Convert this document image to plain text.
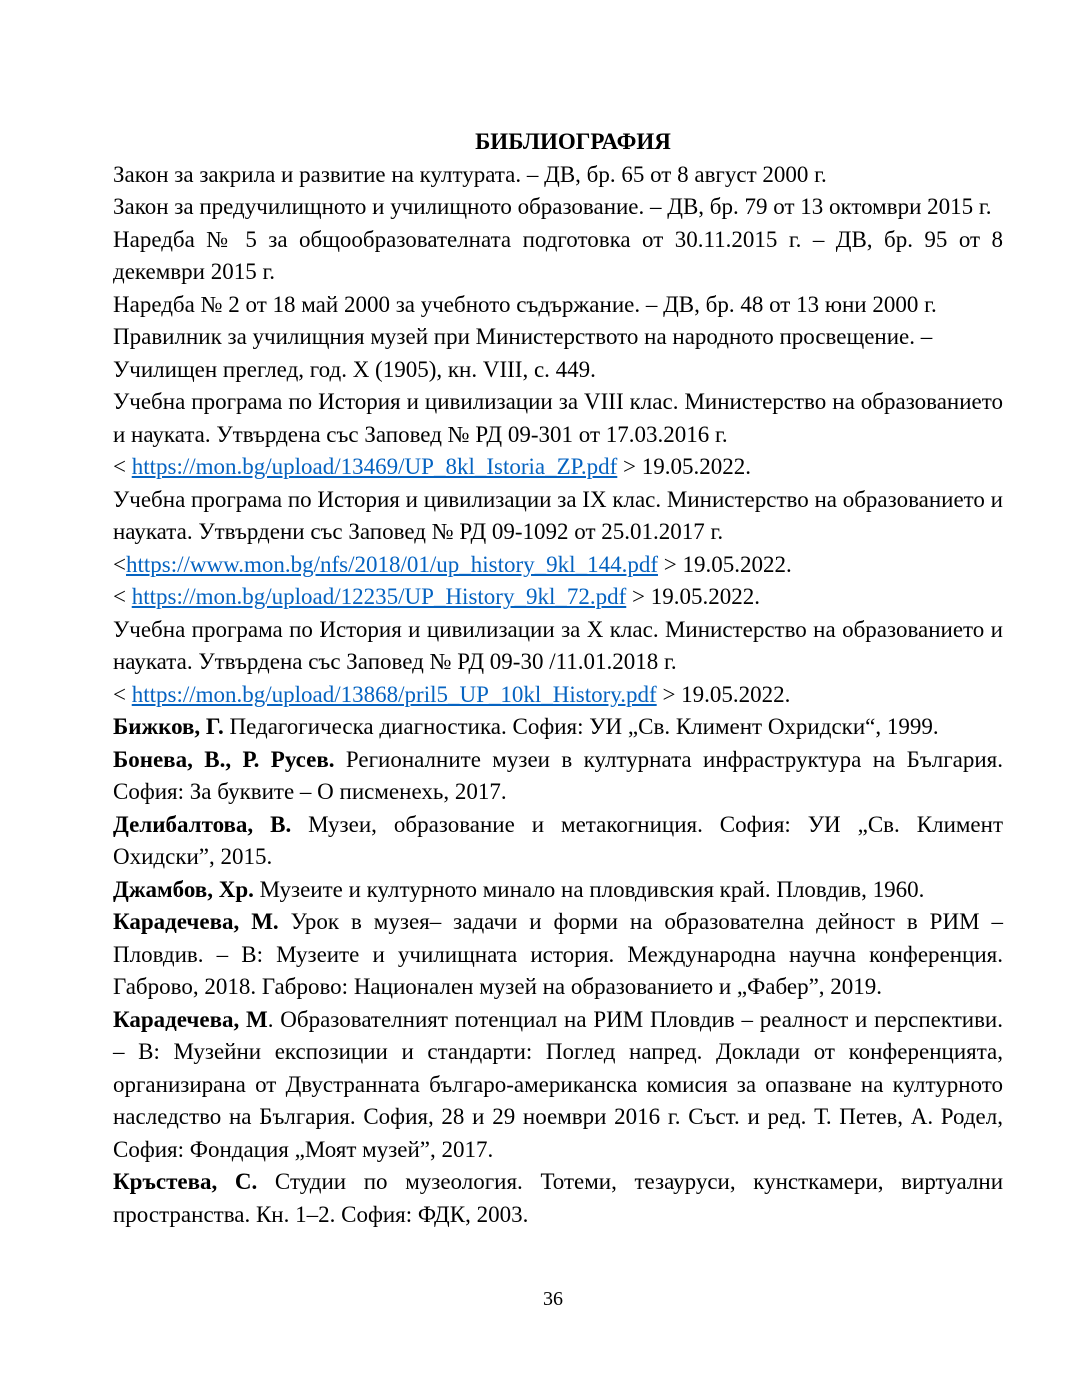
БИБЛИОГРАФИЯ

Закон за закрила и развитие на културата. – ДВ, бр. 65 от 8 август 2000 г.

Закон за предучилищното и училищното образование. – ДВ, бр. 79 от 13 октомври 2015 г.

Наредба № 5 за общообразователната подготовка от 30.11.2015 г. – ДВ, бр. 95 от 8 декември 2015 г.

Наредба № 2 от 18 май 2000 за учебното съдържание. – ДВ, бр. 48 от 13 юни 2000 г.

Правилник за училищния музей при Министерството на народното просвещение. – Училищен преглед, год. X (1905), кн. VIII, с. 449.

Учебна програма по История и цивилизации за VIII клас. Министерство на образованието и науката. Утвърдена със Заповед № РД 09-301 от 17.03.2016 г.

< https://mon.bg/upload/13469/UP_8kl_Istoria_ZP.pdf > 19.05.2022.

Учебна програма по История и цивилизации за IX клас. Министерство на образованието и науката. Утвърдени със Заповед № РД 09-1092 от 25.01.2017 г.

<https://www.mon.bg/nfs/2018/01/up_history_9kl_144.pdf > 19.05.2022.

< https://mon.bg/upload/12235/UP_History_9kl_72.pdf > 19.05.2022.

Учебна програма по История и цивилизации за X клас. Министерство на образованието и науката. Утвърдена със Заповед № РД 09-30 /11.01.2018 г.

< https://mon.bg/upload/13868/pril5_UP_10kl_History.pdf > 19.05.2022.

Бижков, Г. Педагогическа диагностика. София: УИ „Св. Климент Охридски“, 1999.

Бонева, В., Р. Русев. Регионалните музеи в културната инфраструктура на България. София: За буквите – О писменехь, 2017.

Делибалтова, В. Музеи, образование и метакогниция. София: УИ „Св. Климент Охидски”, 2015.

Джамбов, Хр. Музеите и културното минало на пловдивския край. Пловдив, 1960.

Карадечева, М. Урок в музея– задачи и форми на образователна дейност в РИМ – Пловдив. – В: Музеите и училищната история. Международна научна конференция. Габрово, 2018. Габрово: Национален музей на образованието и „Фабер”, 2019.

Карадечева, М. Образователният потенциал на РИМ Пловдив – реалност и перспективи. – В: Музейни експозиции и стандарти: Поглед напред. Доклади от конференцията, организирана от Двустранната българо-американска комисия за опазване на културното наследство на България. София, 28 и 29 ноември 2016 г. Съст. и ред. Т. Петев, А. Родел, София: Фондация „Моят музей”, 2017.

Кръстева, С. Студии по музеология. Тотеми, тезауруси, кунсткамери, виртуални пространства. Кн. 1–2. София: ФДК, 2003.

36
